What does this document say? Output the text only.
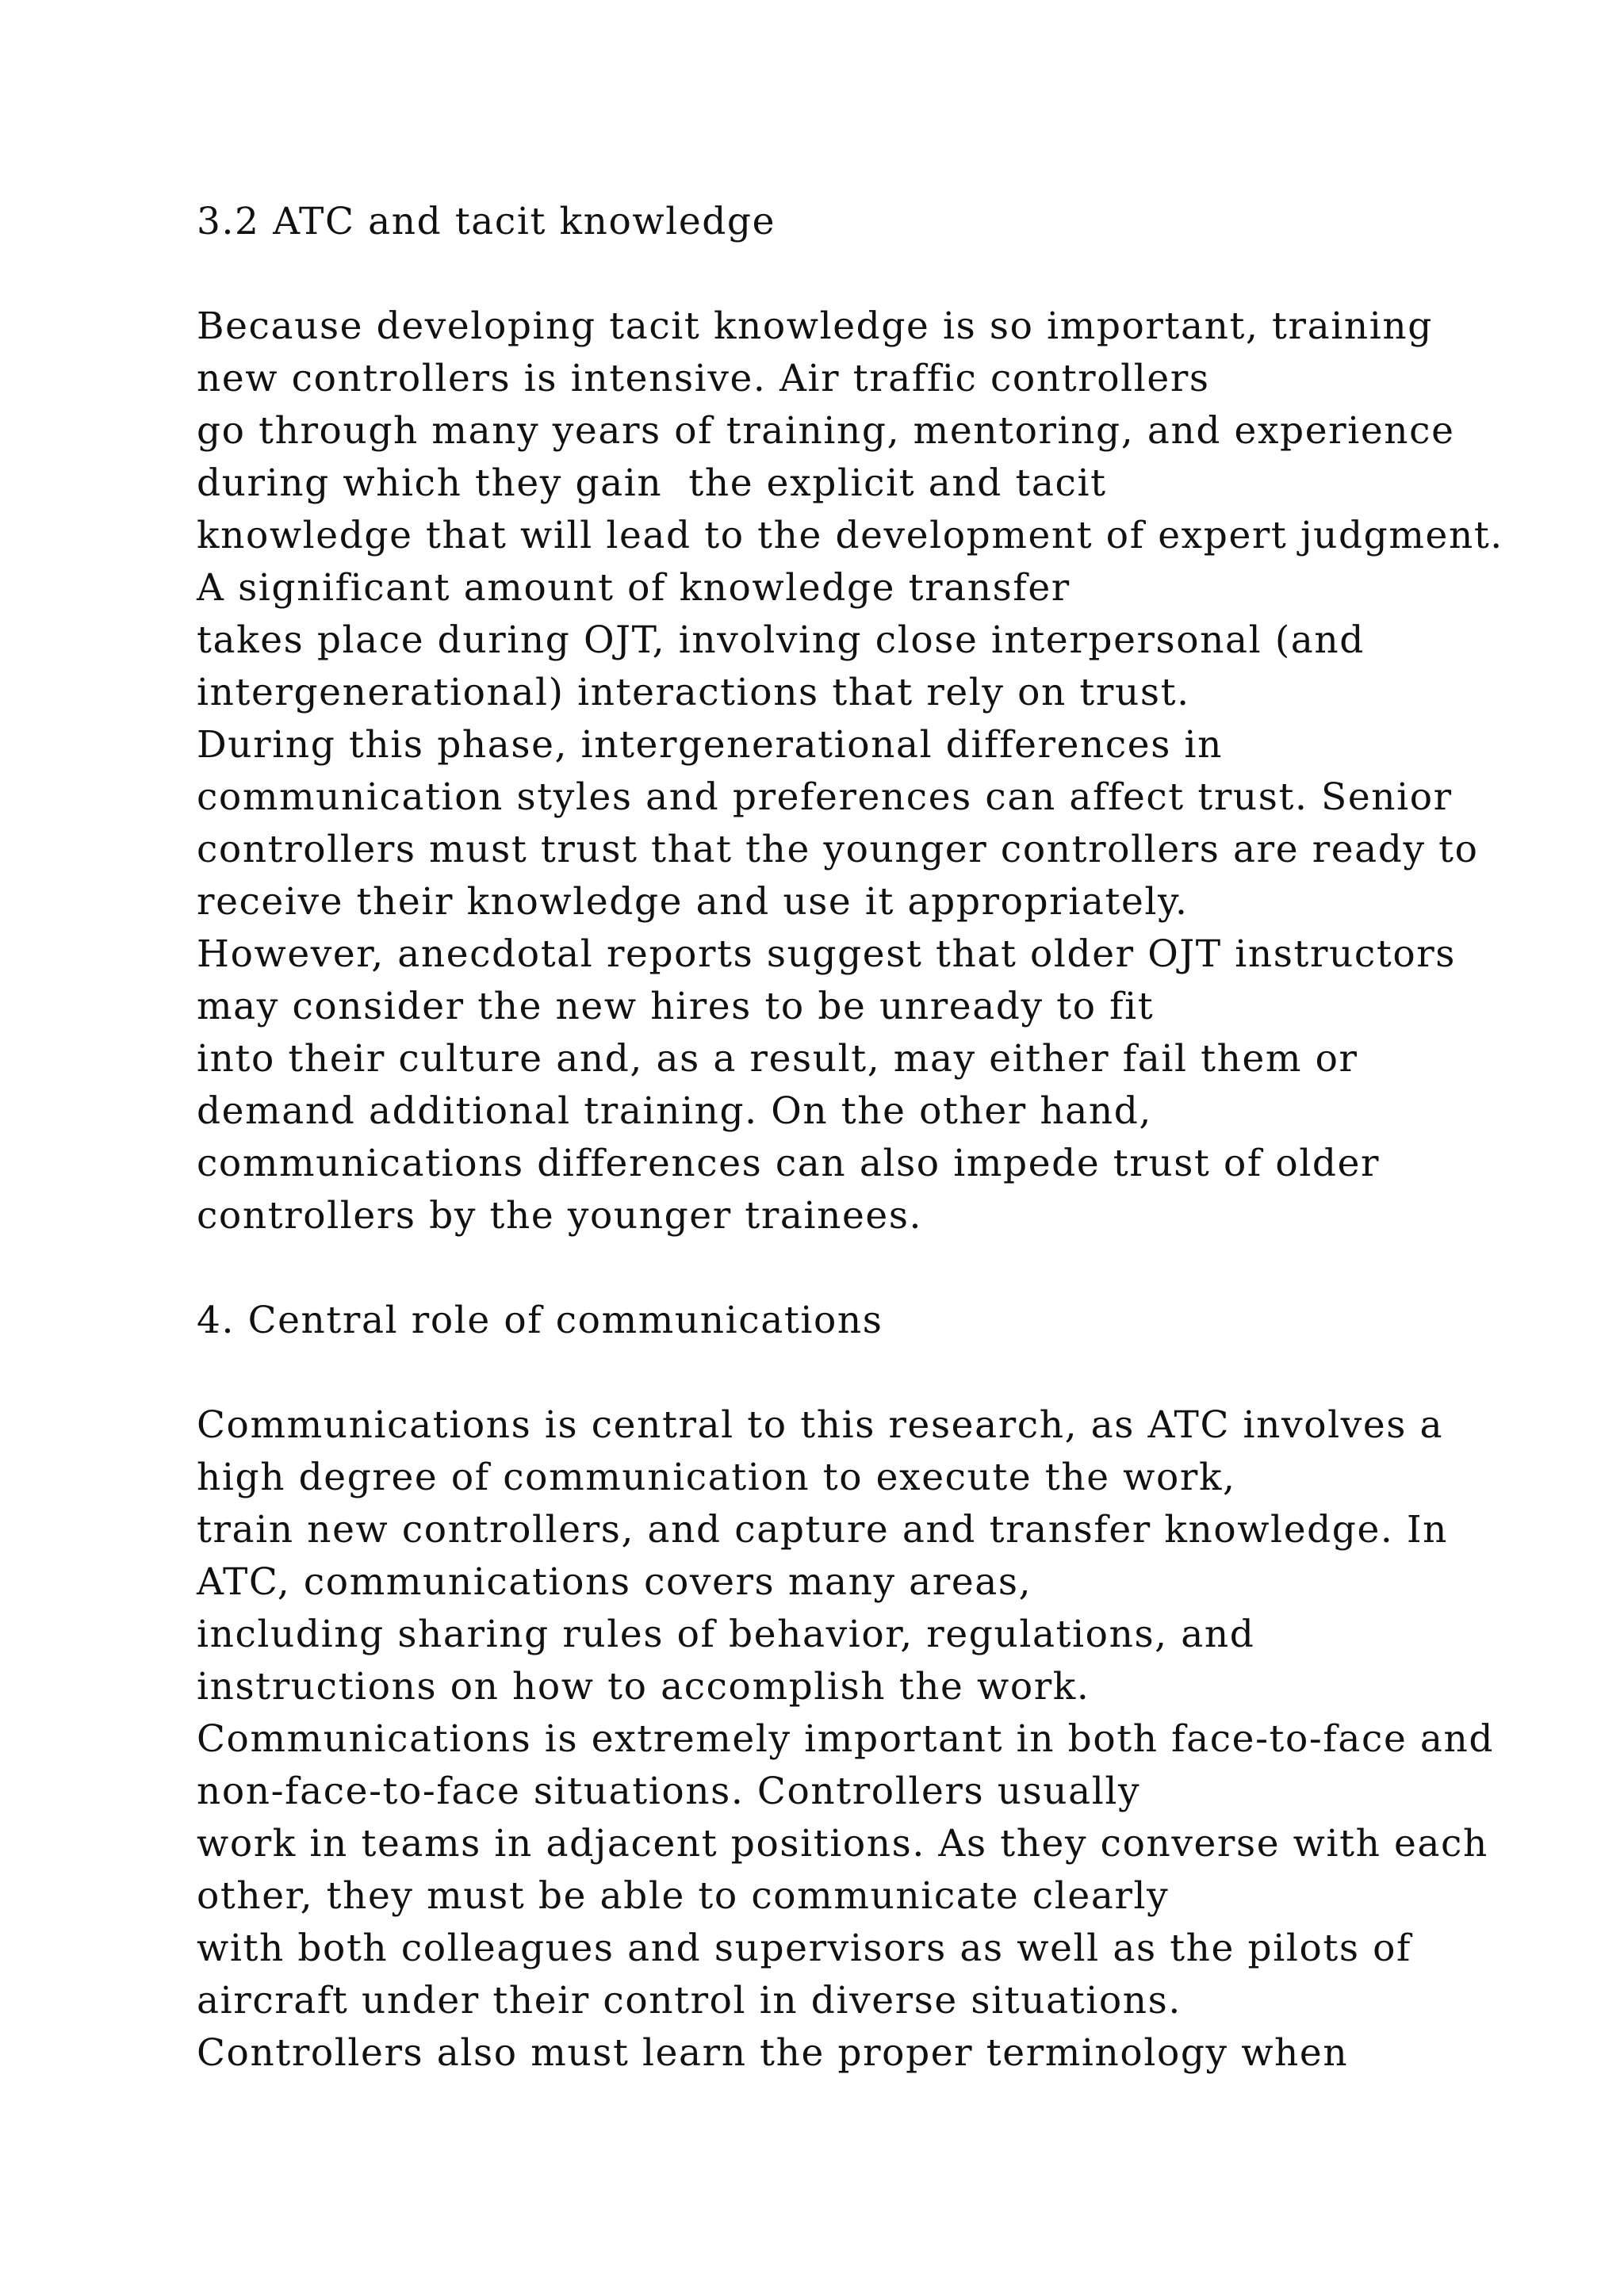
3.2 ATC and tacit knowledge

Because developing tacit knowledge is so important, training

new controllers is intensive. Air traffic controllers

go through many years of training, mentoring, and experience

during which they gain  the explicit and tacit

knowledge that will lead to the development of expert judgment.

A significant amount of knowledge transfer

takes place during OJT, involving close interpersonal (and

intergenerational) interactions that rely on trust.

During this phase, intergenerational differences in

communication styles and preferences can affect trust. Senior

controllers must trust that the younger controllers are ready to

receive their knowledge and use it appropriately.

However, anecdotal reports suggest that older OJT instructors

may consider the new hires to be unready to fit

into their culture and, as a result, may either fail them or

demand additional training. On the other hand,

communications differences can also impede trust of older

controllers by the younger trainees.

4. Central role of communications

Communications is central to this research, as ATC involves a

high degree of communication to execute the work,

train new controllers, and capture and transfer knowledge. In

ATC, communications covers many areas,

including sharing rules of behavior, regulations, and

instructions on how to accomplish the work.

Communications is extremely important in both face-to-face and

non-face-to-face situations. Controllers usually

work in teams in adjacent positions. As they converse with each

other, they must be able to communicate clearly

with both colleagues and supervisors as well as the pilots of

aircraft under their control in diverse situations.

Controllers also must learn the proper terminology when
